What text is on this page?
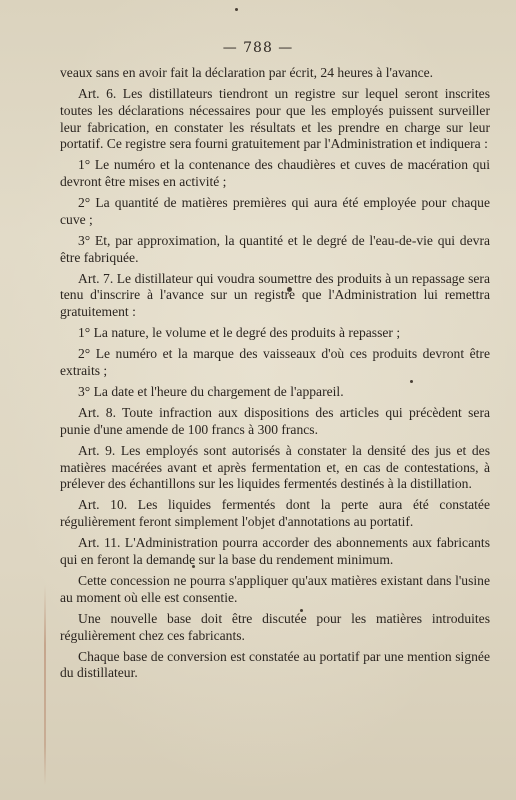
— 788 —

veaux sans en avoir fait la déclaration par écrit, 24 heures à l'avance.

Art. 6. Les distillateurs tiendront un registre sur lequel seront inscrites toutes les déclarations nécessaires pour que les employés puissent surveiller leur fabrication, en constater les résultats et les prendre en charge sur leur portatif. Ce registre sera fourni gratuitement par l'Administration et indiquera :

1° Le numéro et la contenance des chaudières et cuves de macération qui devront être mises en activité ;

2° La quantité de matières premières qui aura été employée pour chaque cuve ;

3° Et, par approximation, la quantité et le degré de l'eau-de-vie qui devra être fabriquée.

Art. 7. Le distillateur qui voudra soumettre des produits à un repassage sera tenu d'inscrire à l'avance sur un registre que l'Administration lui remettra gratuitement :

1° La nature, le volume et le degré des produits à repasser ;

2° Le numéro et la marque des vaisseaux d'où ces produits devront être extraits ;

3° La date et l'heure du chargement de l'appareil.

Art. 8. Toute infraction aux dispositions des articles qui précèdent sera punie d'une amende de 100 francs à 300 francs.

Art. 9. Les employés sont autorisés à constater la densité des jus et des matières macérées avant et après fermentation et, en cas de contestations, à prélever des échantillons sur les liquides fermentés destinés à la distillation.

Art. 10. Les liquides fermentés dont la perte aura été constatée régulièrement feront simplement l'objet d'annotations au portatif.

Art. 11. L'Administration pourra accorder des abonnements aux fabricants qui en feront la demande sur la base du rendement minimum.

Cette concession ne pourra s'appliquer qu'aux matières existant dans l'usine au moment où elle est consentie.

Une nouvelle base doit être discutée pour les matières introduites régulièrement chez ces fabricants.

Chaque base de conversion est constatée au portatif par une mention signée du distillateur.
